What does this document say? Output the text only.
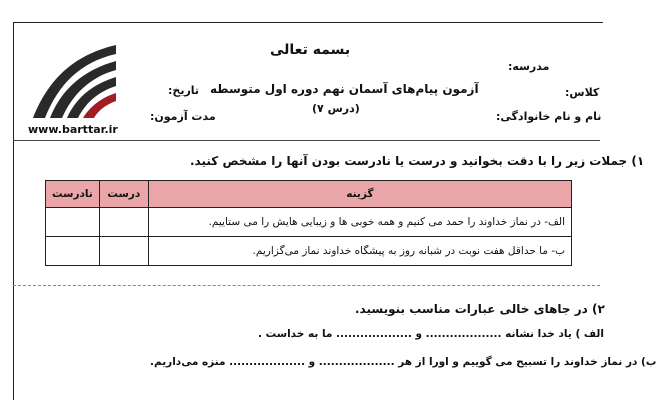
www.barttar.ir
بسمه تعالی
مدرسه:
کلاس:
آزمون پیام‌های آسمان نهم دوره اول متوسطه
تاریخ:
(درس ۷)
مدت آزمون:	نام و نام خانوادگی:
۱) جملات زیر را با دقت بخوانید و درست یا نادرست بودن آنها را مشخص کنید.
گزینه	درست	نادرست
الف- در نماز خداوند را حمد می کنیم و همه خوبی ها و زیبایی هایش را می ستاییم.		
ب- ما حداقل هفت نوبت در شبانه روز به پیشگاه خداوند نماز می‌گزاریم.		
۲) در جاهای خالی عبارات مناسب بنویسید.
الف ) یاد خدا نشانه ................... و ................... ما به خداست .
ب) در نماز خداوند را تسبیح می گوییم و اورا از هر ................... و ................... منزه می‌داریم.
